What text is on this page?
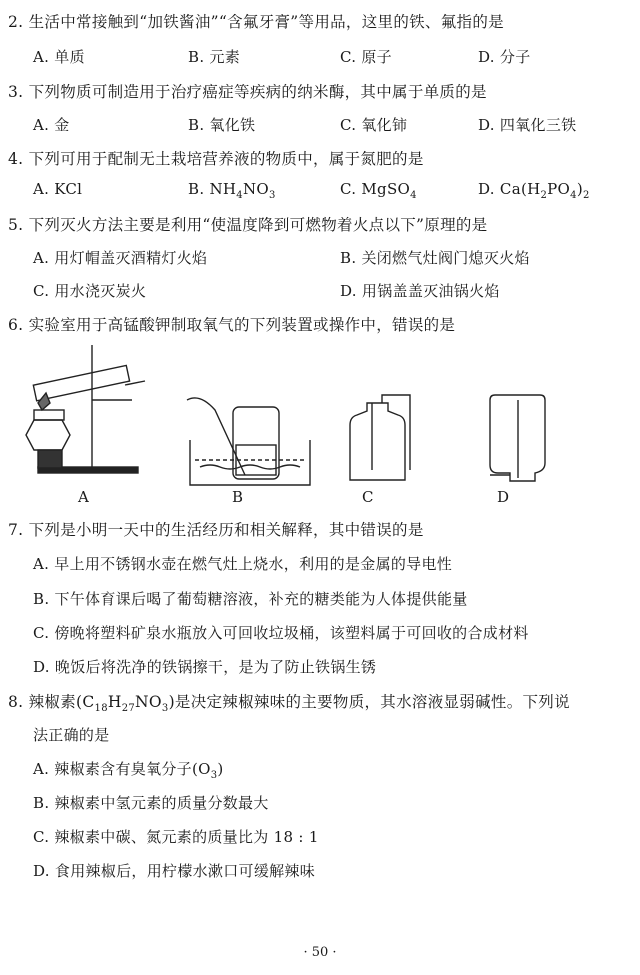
2. 生活中常接触到“加铁酱油”“含氟牙膏”等用品，这里的铁、氟指的是
A. 单质	B. 元素	C. 原子	D. 分子
3. 下列物质可制造用于治疗癌症等疾病的纳米酶，其中属于单质的是
A. 金	B. 氧化铁	C. 氧化铈	D. 四氧化三铁
4. 下列可用于配制无土栽培营养液的物质中，属于氮肥的是
A. KCl	B. $NH_4NO_3$	C. MgSO$_4$	D. $Ca(H_2PO_4)_2$
5. 下列灭火方法主要是利用“使温度降到可燃物着火点以下”原理的是
A. 用灯帽盖灭酒精灯火焰	B. 关闭燃气灶阀门熄灭火焰
C. 用水浇灭炭火	D. 用锅盖盖灭油锅火焰
6. 实验室用于高锰酸钾制取氧气的下列装置或操作中，错误的是
A	B	C	D
7. 下列是小明一天中的生活经历和相关解释，其中错误的是
A. 早上用不锈钢水壶在燃气灶上烧水，利用的是金属的导电性
B. 下午体育课后喝了葡萄糖溶液，补充的糖类能为人体提供能量
C. 傍晚将塑料矿泉水瓶放入可回收垃圾桶，该塑料属于可回收的合成材料
D. 晚饭后将洗净的铁锅擦干，是为了防止铁锅生锈
8. 辣椒素$(C_{18}H_{27}NO_3)$是决定辣椒辣味的主要物质，其水溶液显弱碱性。下列说
法正确的是
A. 辣椒素含有臭氧分子$(O_3)$
B. 辣椒素中氢元素的质量分数最大
C. 辣椒素中碳、氮元素的质量比为 18 : 1
D. 食用辣椒后，用柠檬水漱口可缓解辣味
· 50 ·
